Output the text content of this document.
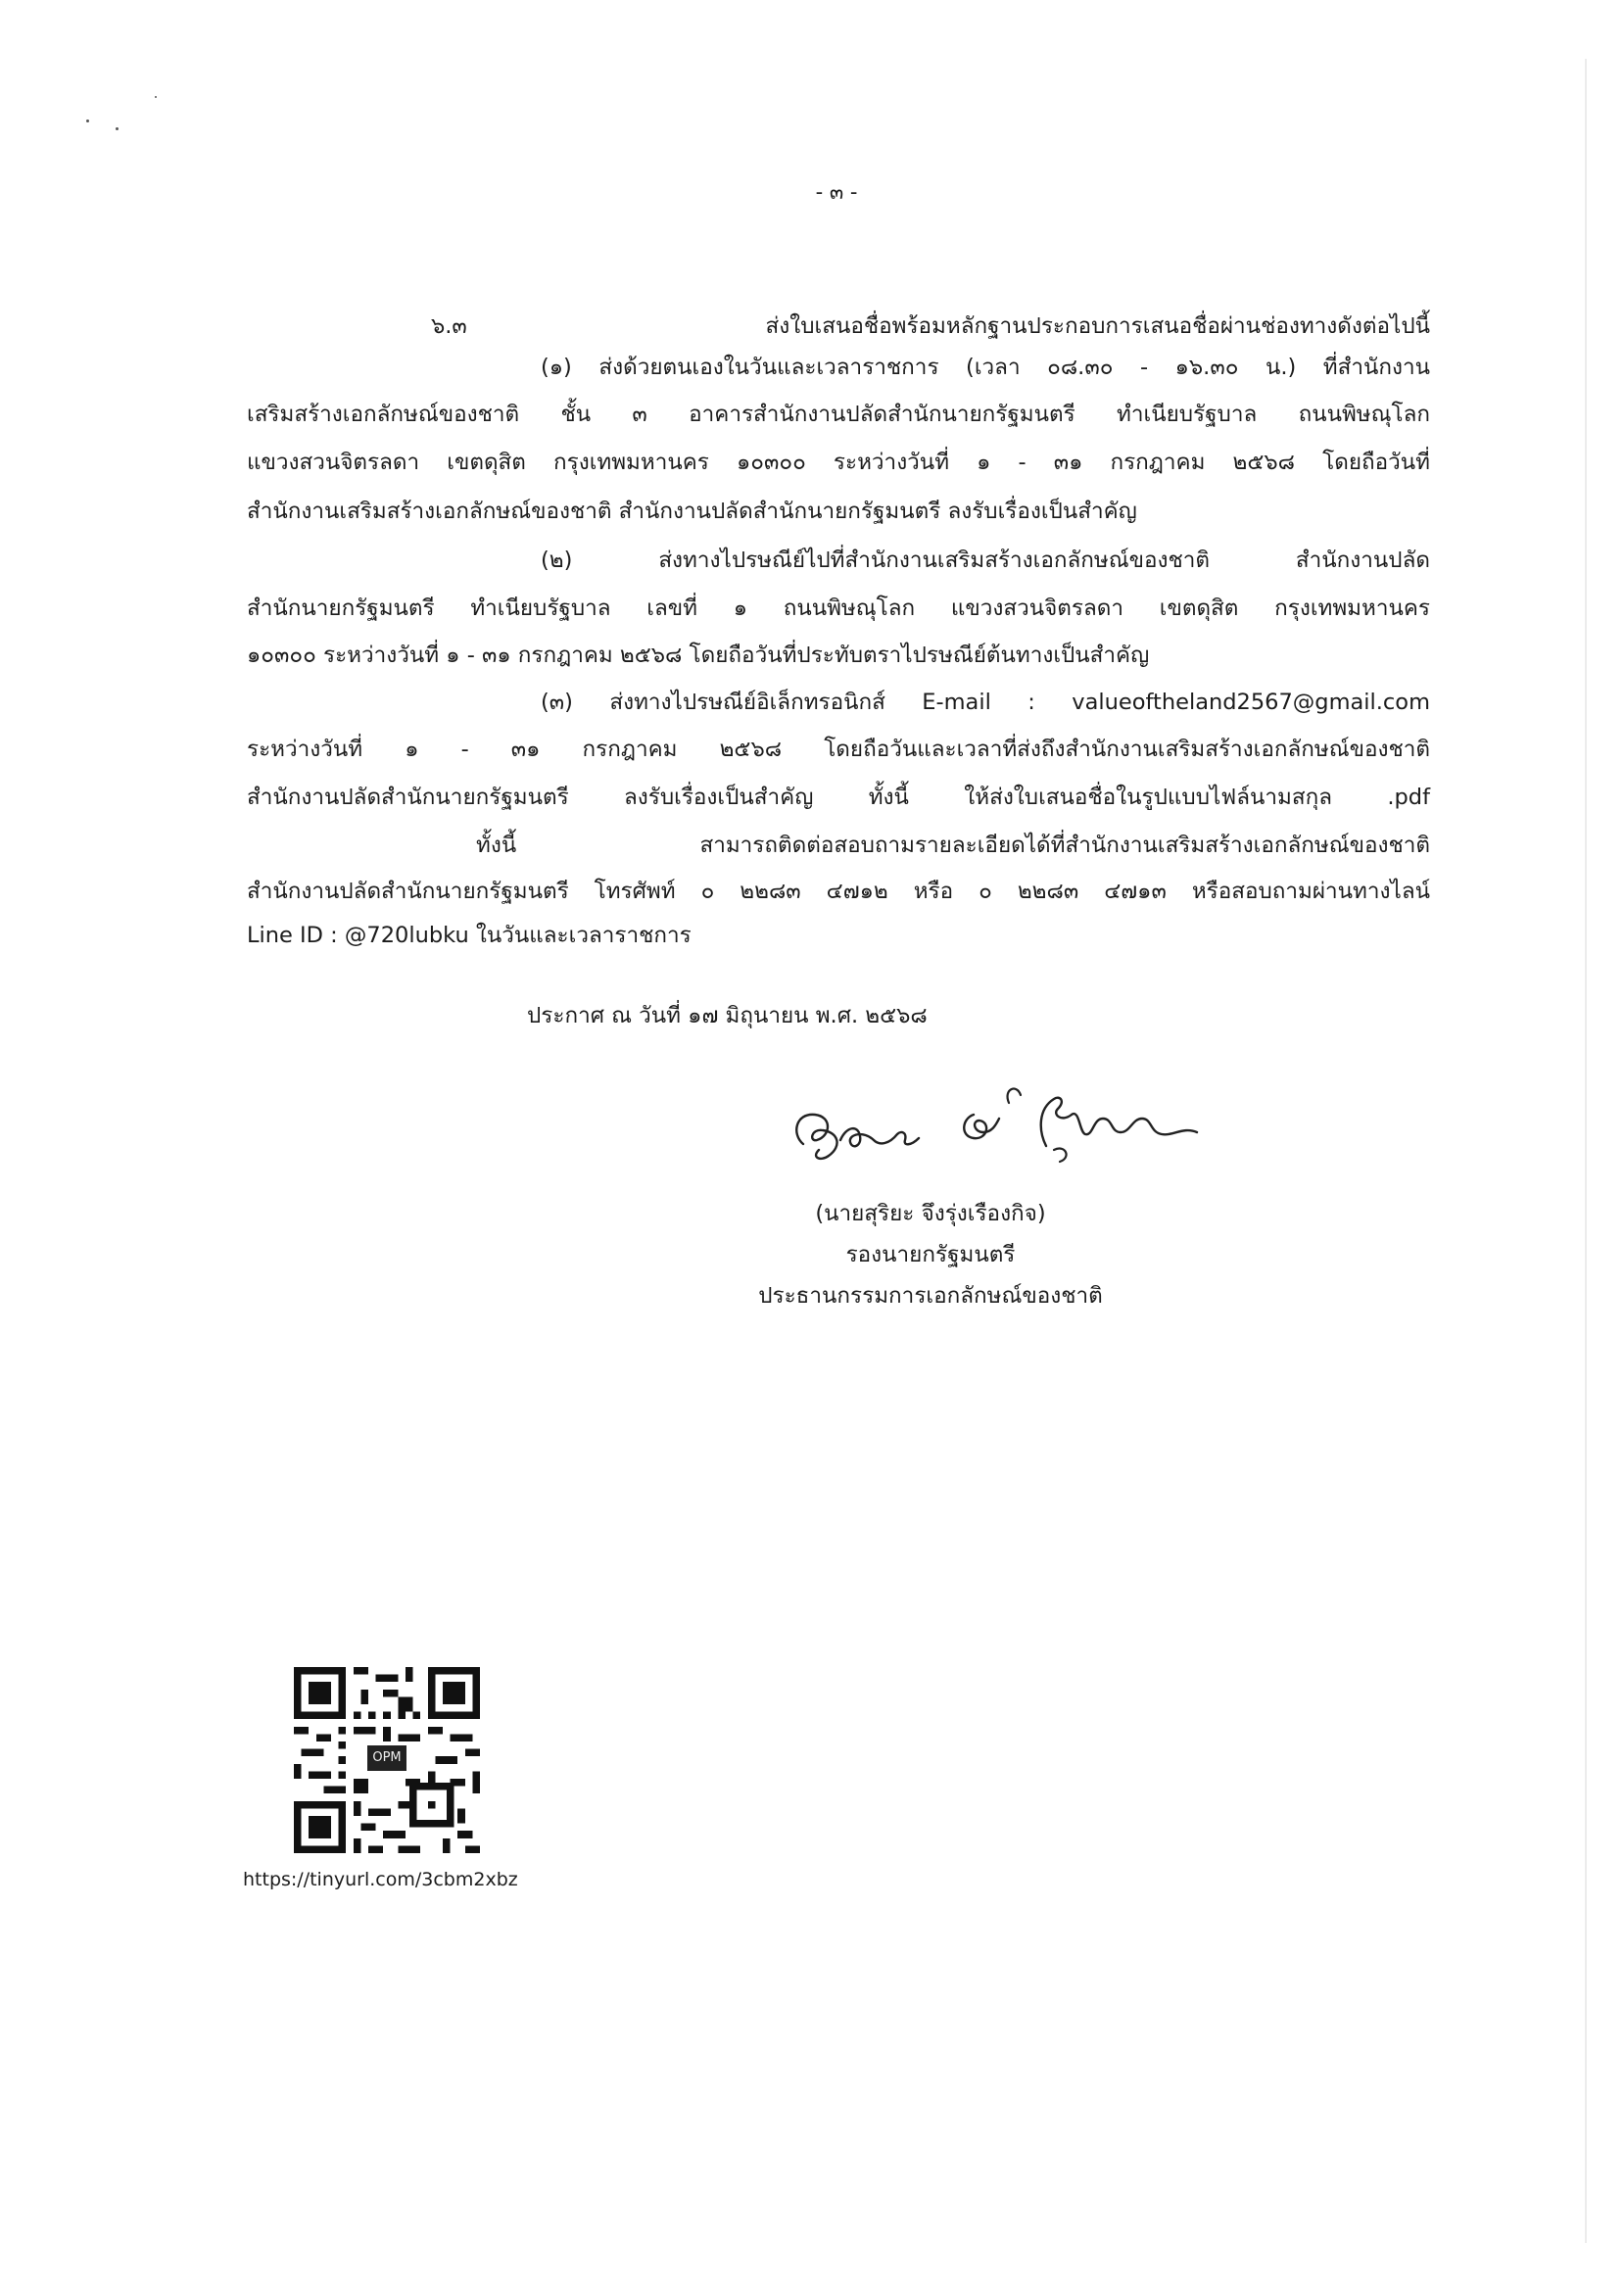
- ๓ -
๖.๓ ส่งใบเสนอชื่อพร้อมหลักฐานประกอบการเสนอชื่อผ่านช่องทางดังต่อไปนี้
(๑) ส่งด้วยตนเองในวันและเวลาราชการ (เวลา ๐๘.๓๐ - ๑๖.๓๐ น.) ที่สำนักงาน
เสริมสร้างเอกลักษณ์ของชาติ ชั้น ๓ อาคารสำนักงานปลัดสำนักนายกรัฐมนตรี ทำเนียบรัฐบาล ถนนพิษณุโลก
แขวงสวนจิตรลดา เขตดุสิต กรุงเทพมหานคร ๑๐๓๐๐ ระหว่างวันที่ ๑ - ๓๑ กรกฎาคม ๒๕๖๘ โดยถือวันที่
สำนักงานเสริมสร้างเอกลักษณ์ของชาติ สำนักงานปลัดสำนักนายกรัฐมนตรี ลงรับเรื่องเป็นสำคัญ
(๒) ส่งทางไปรษณีย์ไปที่สำนักงานเสริมสร้างเอกลักษณ์ของชาติ สำนักงานปลัด
สำนักนายกรัฐมนตรี ทำเนียบรัฐบาล เลขที่ ๑ ถนนพิษณุโลก แขวงสวนจิตรลดา เขตดุสิต กรุงเทพมหานคร
๑๐๓๐๐ ระหว่างวันที่ ๑ - ๓๑ กรกฎาคม ๒๕๖๘ โดยถือวันที่ประทับตราไปรษณีย์ต้นทางเป็นสำคัญ
(๓) ส่งทางไปรษณีย์อิเล็กทรอนิกส์ E-mail : valueoftheland2567@gmail.com
ระหว่างวันที่ ๑ - ๓๑ กรกฎาคม ๒๕๖๘ โดยถือวันและเวลาที่ส่งถึงสำนักงานเสริมสร้างเอกลักษณ์ของชาติ
สำนักงานปลัดสำนักนายกรัฐมนตรี ลงรับเรื่องเป็นสำคัญ ทั้งนี้ ให้ส่งใบเสนอชื่อในรูปแบบไฟล์นามสกุล .pdf
ทั้งนี้ สามารถติดต่อสอบถามรายละเอียดได้ที่สำนักงานเสริมสร้างเอกลักษณ์ของชาติ
สำนักงานปลัดสำนักนายกรัฐมนตรี โทรศัพท์ ๐ ๒๒๘๓ ๔๗๑๒ หรือ ๐ ๒๒๘๓ ๔๗๑๓ หรือสอบถามผ่านทางไลน์
Line ID : @720lubku ในวันและเวลาราชการ
ประกาศ ณ วันที่ ๑๗ มิถุนายน พ.ศ. ๒๕๖๘
(นายสุริยะ จึงรุ่งเรืองกิจ)
รองนายกรัฐมนตรี
ประธานกรรมการเอกลักษณ์ของชาติ
OPM
https://tinyurl.com/3cbm2xbz
